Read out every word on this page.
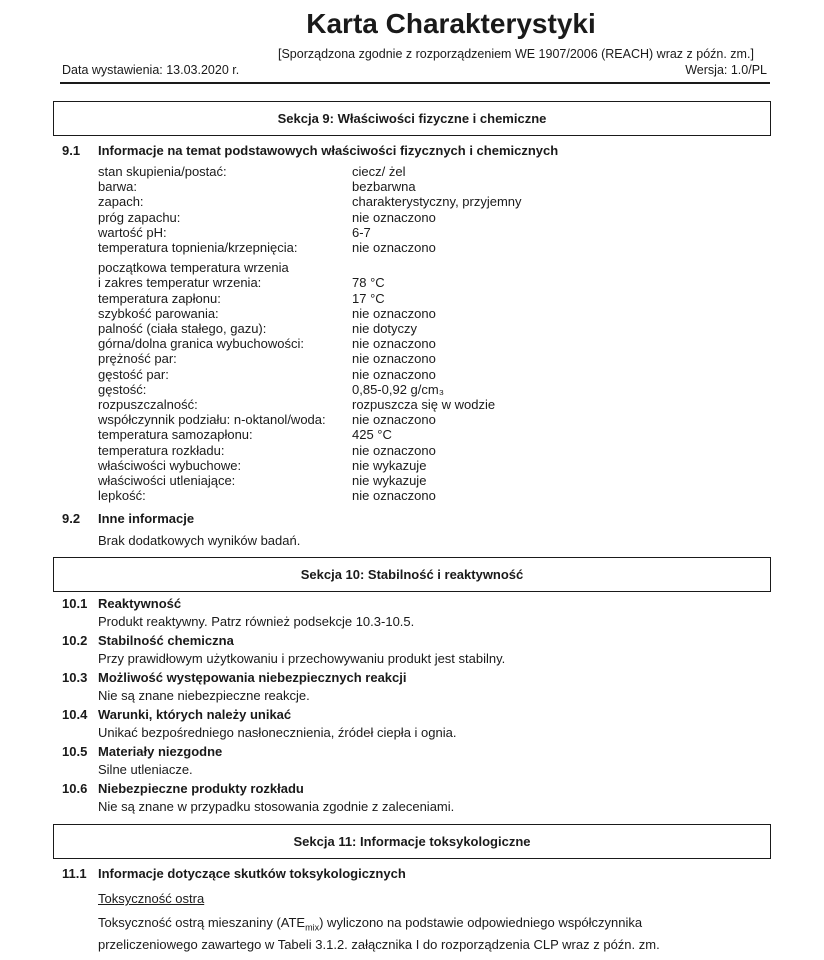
Karta Charakterystyki
[Sporządzona zgodnie z rozporządzeniem WE 1907/2006 (REACH) wraz z późn. zm.]
Data wystawienia: 13.03.2020 r.	Wersja: 1.0/PL
Sekcja 9: Właściwości fizyczne i chemiczne
9.1	Informacje na temat podstawowych właściwości fizycznych i chemicznych
stan skupienia/postać:	ciecz/ żel
barwa:	bezbarwna
zapach:	charakterystyczny, przyjemny
próg zapachu:	nie oznaczono
wartość pH:	6-7
temperatura topnienia/krzepnięcia:	nie oznaczono
początkowa temperatura wrzenia
i zakres temperatur wrzenia:	78 °C
temperatura zapłonu:	17 °C
szybkość parowania:	nie oznaczono
palność (ciała stałego, gazu):	nie dotyczy
górna/dolna granica wybuchowości:	nie oznaczono
prężność par:	nie oznaczono
gęstość par:	nie oznaczono
gęstość:	0,85-0,92 g/cm₃
rozpuszczalność:	rozpuszcza się w wodzie
współczynnik podziału: n-oktanol/woda:	nie oznaczono
temperatura samozapłonu:	425 °C
temperatura rozkładu:	nie oznaczono
właściwości wybuchowe:	nie wykazuje
właściwości utleniające:	nie wykazuje
lepkość:	nie oznaczono
9.2	Inne informacje
Brak dodatkowych wyników badań.
Sekcja 10: Stabilność i reaktywność
10.1 Reaktywność
Produkt reaktywny. Patrz również podsekcje 10.3-10.5.
10.2 Stabilność chemiczna
Przy prawidłowym użytkowaniu i przechowywaniu produkt jest stabilny.
10.3 Możliwość występowania niebezpiecznych reakcji
Nie są znane niebezpieczne reakcje.
10.4 Warunki, których należy unikać
Unikać bezpośredniego nasłonecznienia, źródeł ciepła i ognia.
10.5 Materiały niezgodne
Silne utleniacze.
10.6 Niebezpieczne produkty rozkładu
Nie są znane w przypadku stosowania zgodnie z zaleceniami.
Sekcja 11: Informacje toksykologiczne
11.1 Informacje dotyczące skutków toksykologicznych
Toksyczność ostra
Toksyczność ostrą mieszaniny $(ATE_{mix})$ wyliczono na podstawie odpowiedniego współczynnika przeliczeniowego zawartego w Tabeli 3.1.2. załącznika I do rozporządzenia CLP wraz z późn. zm.
